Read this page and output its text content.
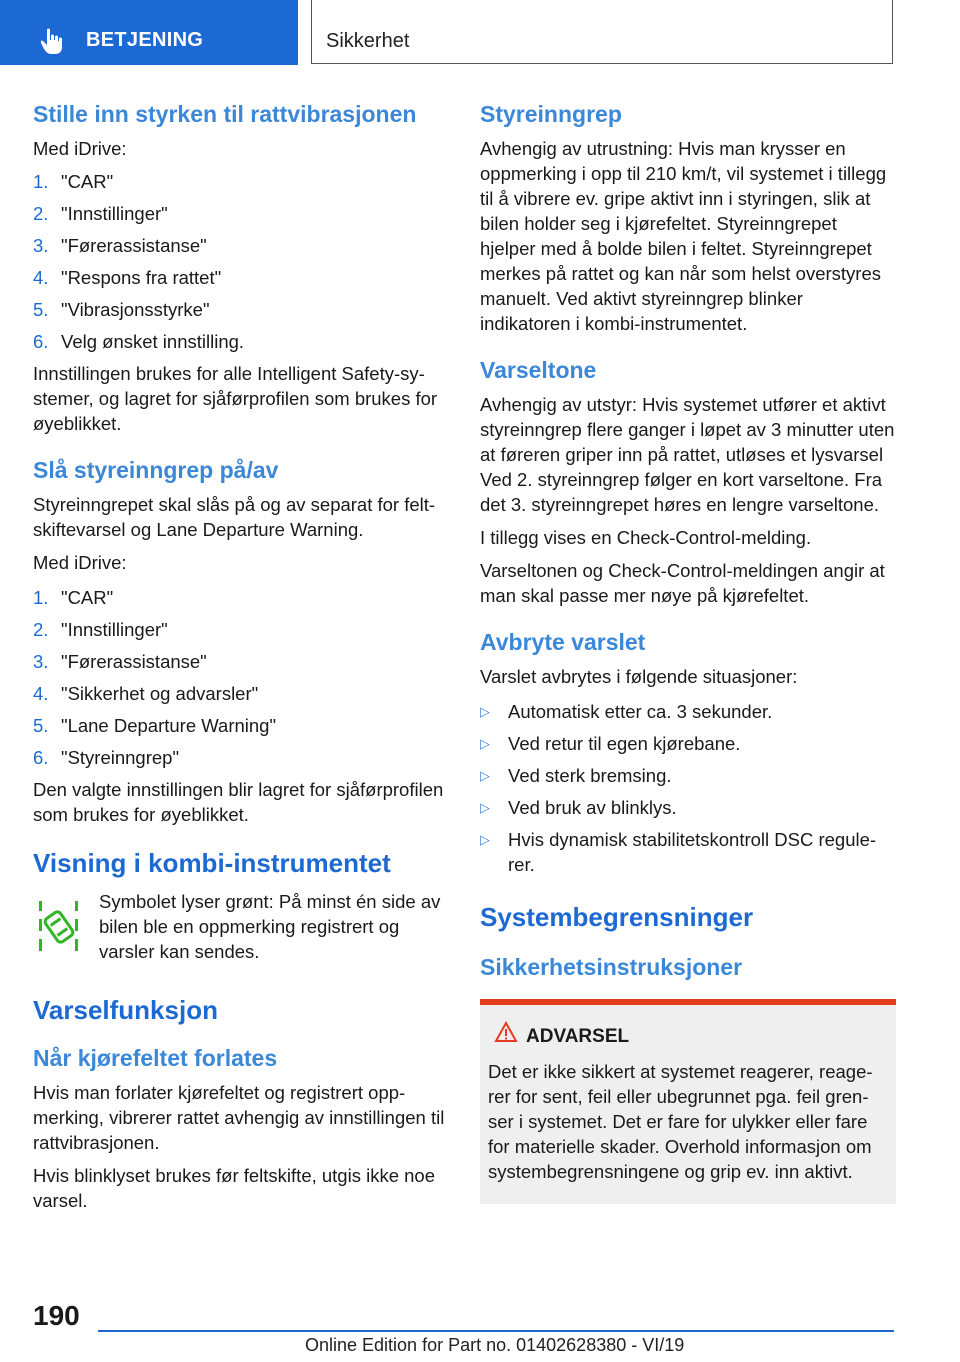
BETJENING	Sikkerhet
Stille inn styrken til rattvibrasjonen

Med iDrive:

1. "CAR"
2. "Innstillinger"
3. "Førerassistanse"
4. "Respons fra rattet"
5. "Vibrasjonsstyrke"
6. Velg ønsket innstilling.

Innstillingen brukes for alle Intelligent Safety-systemer, og lagret for sjåførprofilen som brukes for øyeblikket.

Slå styreinngrep på/av

Styreinngrepet skal slås på og av separat for feltskiftevarsel og Lane Departure Warning.

Med iDrive:

1. "CAR"
2. "Innstillinger"
3. "Førerassistanse"
4. "Sikkerhet og advarsler"
5. "Lane Departure Warning"
6. "Styreinngrep"

Den valgte innstillingen blir lagret for sjåførprofilen som brukes for øyeblikket.

Visning i kombi-instrumentet

Symbolet lyser grønt: På minst én side av bilen ble en oppmerking registrert og varsler kan sendes.

Varselfunksjon
Når kjørefeltet forlates

Hvis man forlater kjørefeltet og registrert oppmerking, vibrerer rattet avhengig av innstillingen til rattvibrasjonen.

Hvis blinklyset brukes før feltskifte, utgis ikke noe varsel.

Styreinngrep

Avhengig av utrustning: Hvis man krysser en oppmerking i opp til 210 km/t, vil systemet i tillegg til å vibrere ev. gripe aktivt inn i styringen, slik at bilen holder seg i kjørefeltet. Styreinngrepet hjelper med å bolde bilen i feltet. Styreinngrepet merkes på rattet og kan når som helst overstyres manuelt. Ved aktivt styreinngrep blinker indikatoren i kombi-instrumentet.

Varseltone

Avhengig av utstyr: Hvis systemet utfører et aktivt styreinngrep flere ganger i løpet av 3 minutter uten at føreren griper inn på rattet, utløses et lysvarsel Ved 2. styreinngrep følger en kort varseltone. Fra det 3. styreinngrepet høres en lengre varseltone.

I tillegg vises en Check-Control-melding.

Varseltonen og Check-Control-meldingen angir at man skal passe mer nøye på kjørefeltet.

Avbryte varslet

Varslet avbrytes i følgende situasjoner:

▷ Automatisk etter ca. 3 sekunder.
▷ Ved retur til egen kjørebane.
▷ Ved sterk bremsing.
▷ Ved bruk av blinklys.
▷ Hvis dynamisk stabilitetskontroll DSC regulerer.
Systembegrensninger
Sikkerhetsinstruksjoner
ADVARSEL

Det er ikke sikkert at systemet reagerer, reagerer for sent, feil eller ubegrunnet pga. feil grenser i systemet. Det er fare for ulykker eller fare for materielle skader. Overhold informasjon om systembegrensningene og grip ev. inn aktivt.

190
Online Edition for Part no. 01402628380 - VI/19
